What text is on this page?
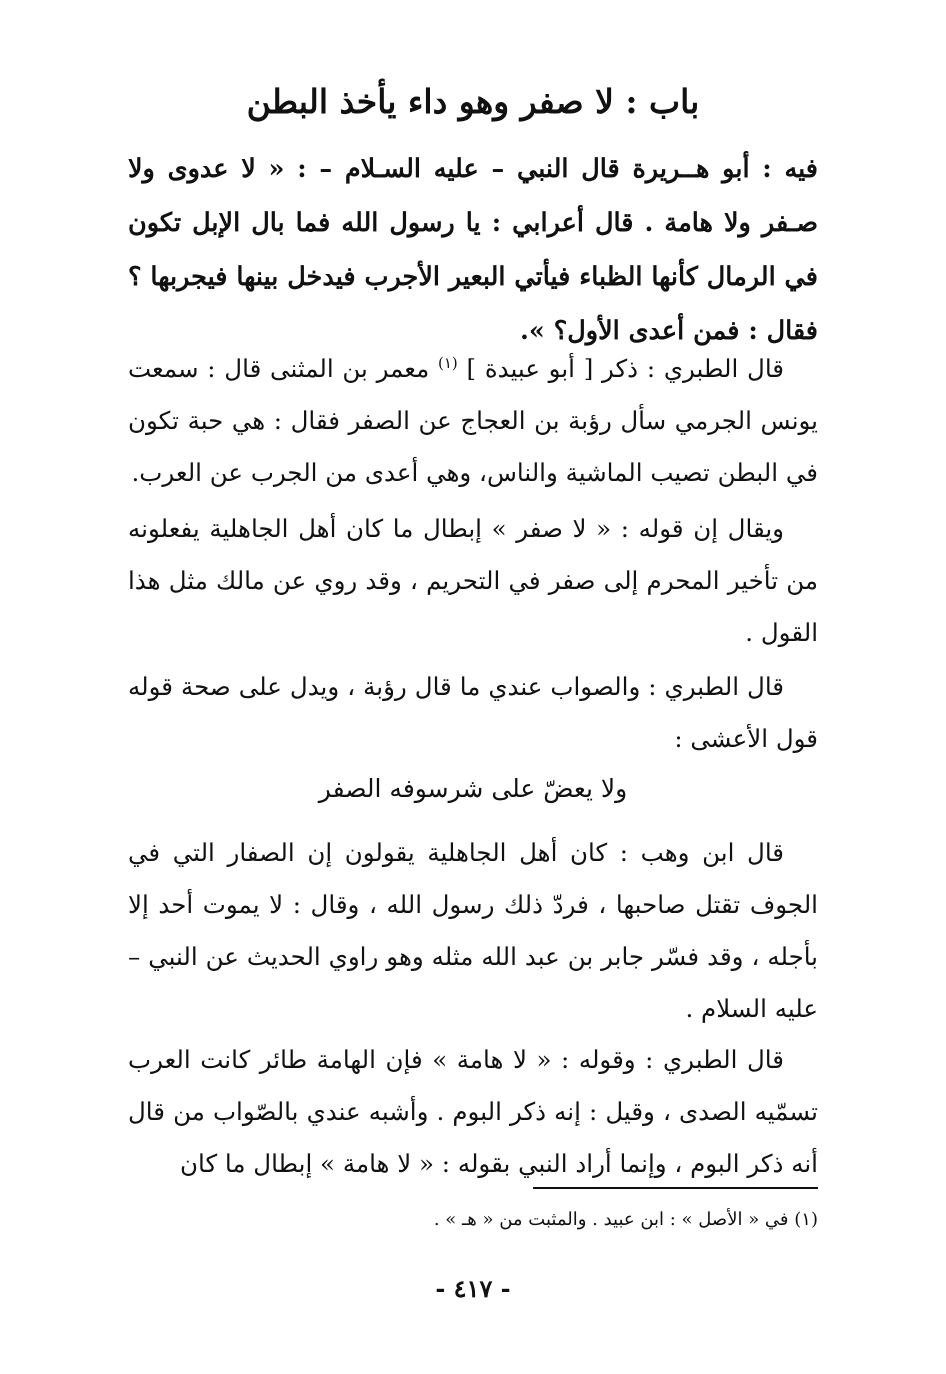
باب : لا صفر وهو داء يأخذ البطن

فيه : أبو هــريرة قال النبي – عليه السـلام – : « لا عدوى ولا صـفر ولا هامة . قال أعرابي : يا رسول الله فما بال الإبل تكون في الرمال كأنها الظباء فيأتي البعير الأجرب فيدخل بينها فيجربها ؟ فقال : فمن أعدى الأول؟ ».

قال الطبري : ذكر [ أبو عبيدة ] $^{(١)}$ معمر بن المثنى قال : سمعت يونس الجرمي سأل رؤبة بن العجاج عن الصفر فقال : هي حبة تكون في البطن تصيب الماشية والناس، وهي أعدى من الجرب عن العرب.

ويقال إن قوله : « لا صفر » إبطال ما كان أهل الجاهلية يفعلونه من تأخير المحرم إلى صفر في التحريم ، وقد روي عن مالك مثل هذا القول .

قال الطبري : والصواب عندي ما قال رؤبة ، ويدل على صحة قوله قول الأعشى :

ولا يعضّ على شرسوفه الصفر

قال ابن وهب : كان أهل الجاهلية يقولون إن الصفار التي في الجوف تقتل صاحبها ، فردّ ذلك رسول الله ، وقال : لا يموت أحد إلا بأجله ، وقد فسّر جابر بن عبد الله مثله وهو راوي الحديث عن النبي – عليه السلام .

قال الطبري : وقوله : « لا هامة » فإن الهامة طائر كانت العرب تسمّيه الصدى ، وقيل : إنه ذكر البوم . وأشبه عندي بالصّواب من قال أنه ذكر البوم ، وإنما أراد النبي بقوله : « لا هامة » إبطال ما كان

(١) في « الأصل » : ابن عبيد . والمثبت من « هـ » .
- ٤١٧ -
